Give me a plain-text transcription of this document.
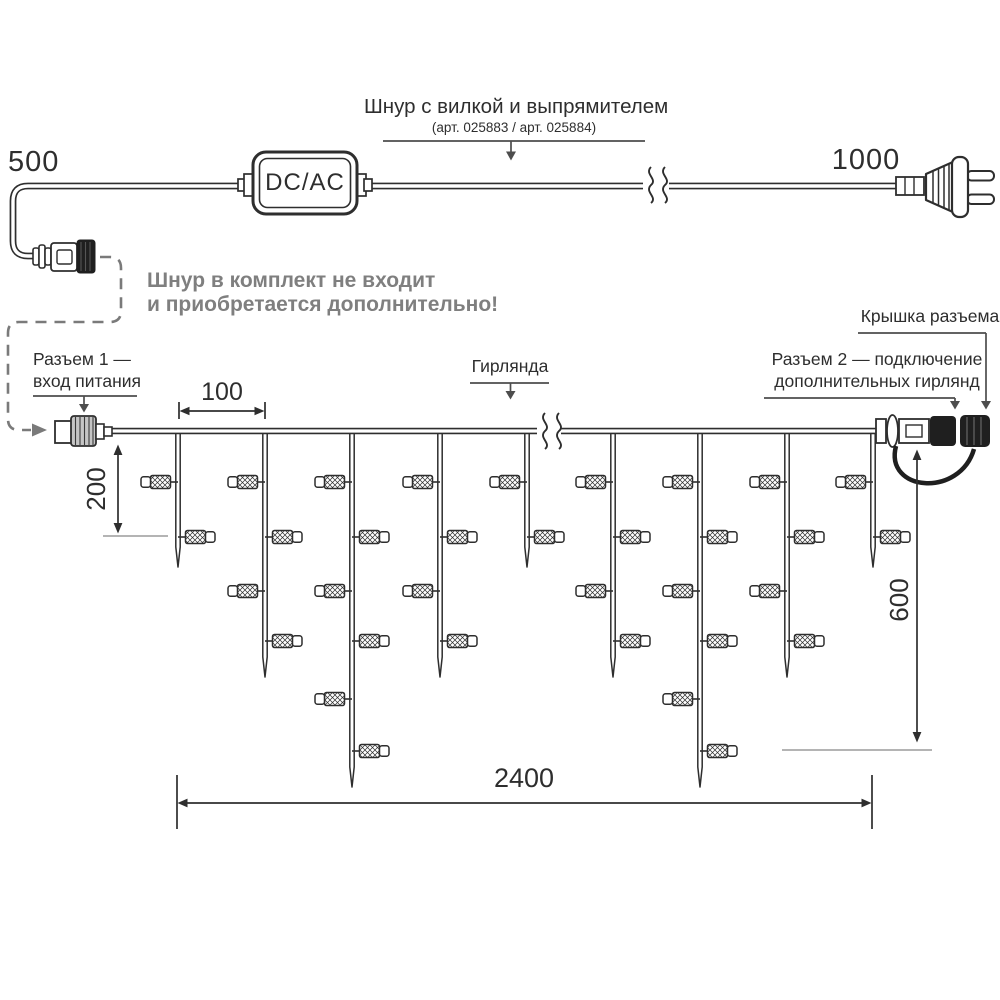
500	1000
Шнур с вилкой и выпрямителем
(арт. 025883 / арт. 025884)
DC/AC
Шнур в комплект не входит
и приобретается дополнительно!
Разъем 1 —
вход питания	100
Гирлянда	Разъем 2 — подключение
дополнительных гирлянд
Крышка разъема
200
600
2400
